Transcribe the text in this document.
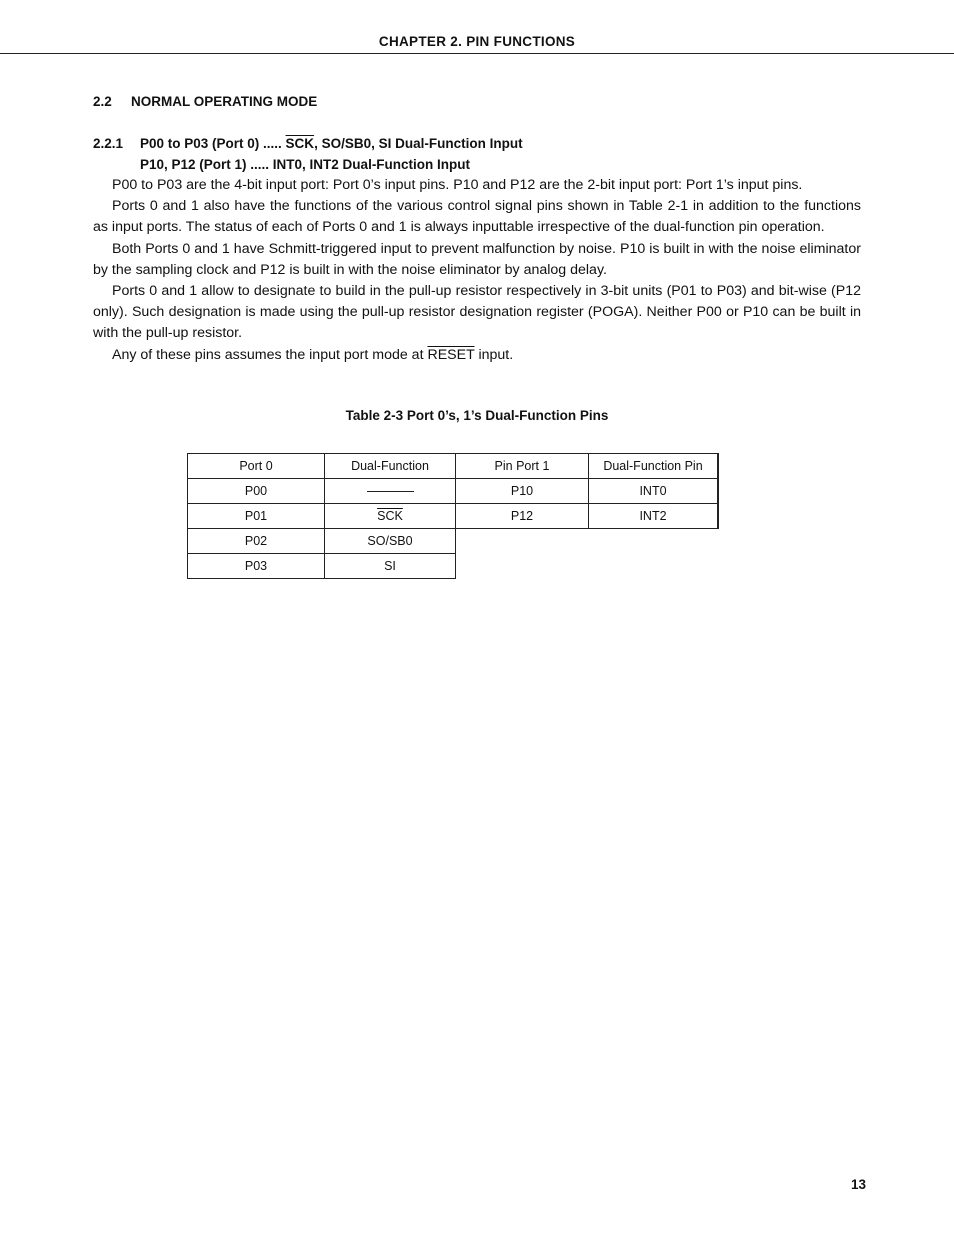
CHAPTER 2. PIN FUNCTIONS
2.2 NORMAL OPERATING MODE
2.2.1 P00 to P03 (Port 0) ..... $\overline{SCK}$, SO/SB0, SI Dual-Function Input
P10, P12 (Port 1) ..... INT0, INT2 Dual-Function Input

P00 to P03 are the 4-bit input port: Port 0’s input pins. P10 and P12 are the 2-bit input port: Port 1’s input pins.

Ports 0 and 1 also have the functions of the various control signal pins shown in Table 2-1 in addition to the functions as input ports. The status of each of Ports 0 and 1 is always inputtable irrespective of the dual-function pin operation.

Both Ports 0 and 1 have Schmitt-triggered input to prevent malfunction by noise. P10 is built in with the noise eliminator by the sampling clock and P12 is built in with the noise eliminator by analog delay.

Ports 0 and 1 allow to designate to build in the pull-up resistor respectively in 3-bit units (P01 to P03) and bit-wise (P12 only). Such designation is made using the pull-up resistor designation register (POGA). Neither P00 or P10 can be built in with the pull-up resistor.

Any of these pins assumes the input port mode at RESET input.

Table 2-3 Port 0’s, 1’s Dual-Function Pins
Port 0	Dual-Function	Pin Port 1	Dual-Function Pin
P00		P10	INT0
P01	$\overline{SCK}$	P12	INT2
P02	SO/SB0		
P03	SI		
13
